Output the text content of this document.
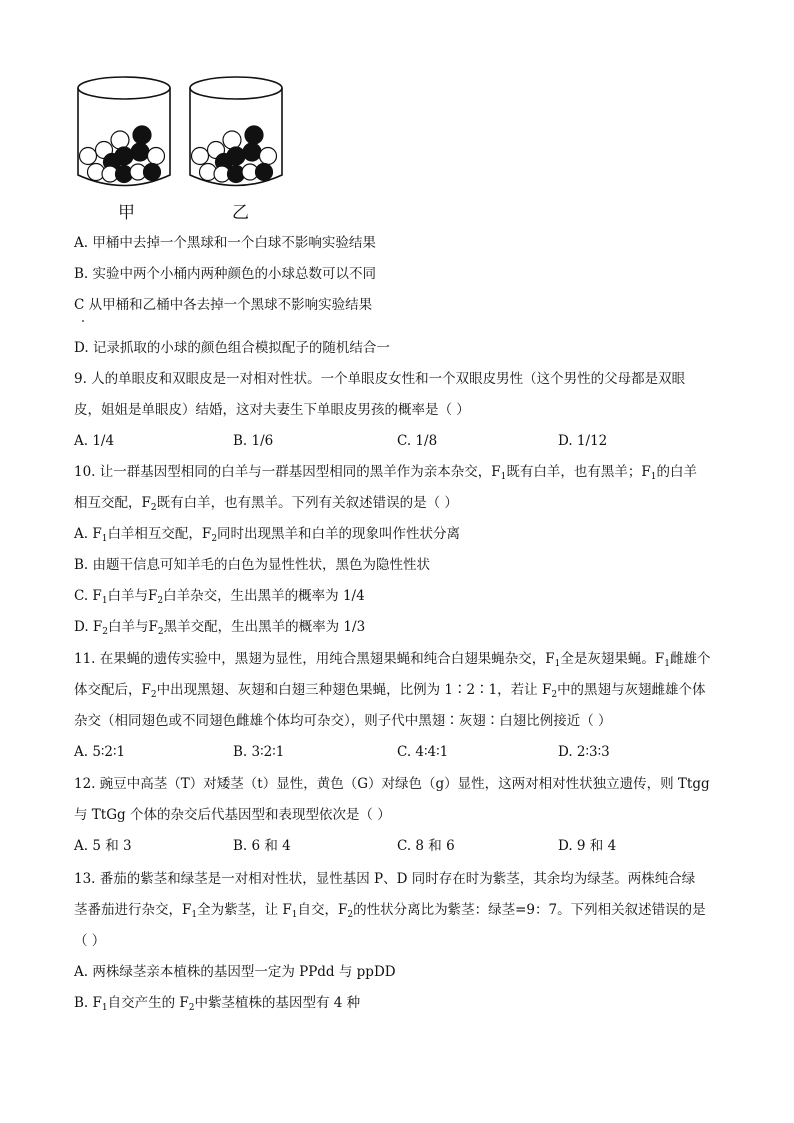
甲	乙
A. 甲桶中去掉一个黑球和一个白球不影响实验结果
B. 实验中两个小桶内两种颜色的小球总数可以不同
C 从甲桶和乙桶中各去掉一个黑球不影响实验结果
D. 记录抓取的小球的颜色组合模拟配子的随机结合一
9. 人的单眼皮和双眼皮是一对相对性状。一个单眼皮女性和一个双眼皮男性（这个男性的父母都是双眼
皮，姐姐是单眼皮）结婚，这对夫妻生下单眼皮男孩的概率是（ ）
A. 1/4	B. 1/6	C. 1/8	D. 1/12
10. 让一群基因型相同的白羊与一群基因型相同的黑羊作为亲本杂交，$F_1$既有白羊，也有黑羊；$F_1$的白羊
相互交配，$F_2$既有白羊，也有黑羊。下列有关叙述错误的是（ ）
A. $F_1$白羊相互交配，$F_2$同时出现黑羊和白羊的现象叫作性状分离
B. 由题干信息可知羊毛的白色为显性性状，黑色为隐性性状
C. $F_1$白羊与$F_2$白羊杂交，生出黑羊的概率为 1/4
D. $F_2$白羊与$F_2$黑羊交配，生出黑羊的概率为 1/3
11. 在果蝇的遗传实验中，黑翅为显性，用纯合黑翅果蝇和纯合白翅果蝇杂交，$F_1$全是灰翅果蝇。$F_1$雌雄个
体交配后，$F_2$中出现黑翅、灰翅和白翅三种翅色果蝇，比例为 1∶2∶1，若让 $F_2$中的黑翅与灰翅雌雄个体
杂交（相同翅色或不同翅色雌雄个体均可杂交），则子代中黑翅∶灰翅∶白翅比例接近（ ）
A. 5∶2∶1	B. 3∶2∶1	C. 4∶4∶1	D. 2∶3∶3
12. 豌豆中高茎（T）对矮茎（t）显性，黄色（G）对绿色（g）显性，这两对相对性状独立遗传，则 Ttgg
与 TtGg 个体的杂交后代基因型和表现型依次是（ ）
A. 5 和 3	B. 6 和 4	C. 8 和 6	D. 9 和 4
13. 番茄的紫茎和绿茎是一对相对性状，显性基因 P、D 同时存在时为紫茎，其余均为绿茎。两株纯合绿
茎番茄进行杂交，$F_1$全为紫茎，让 $F_1$自交，$F_2$的性状分离比为紫茎：绿茎=9：7。下列相关叙述错误的是
（ ）
A. 两株绿茎亲本植株的基因型一定为 PPdd 与 ppDD
B. $F_1$自交产生的 $F_2$中紫茎植株的基因型有 4 种
